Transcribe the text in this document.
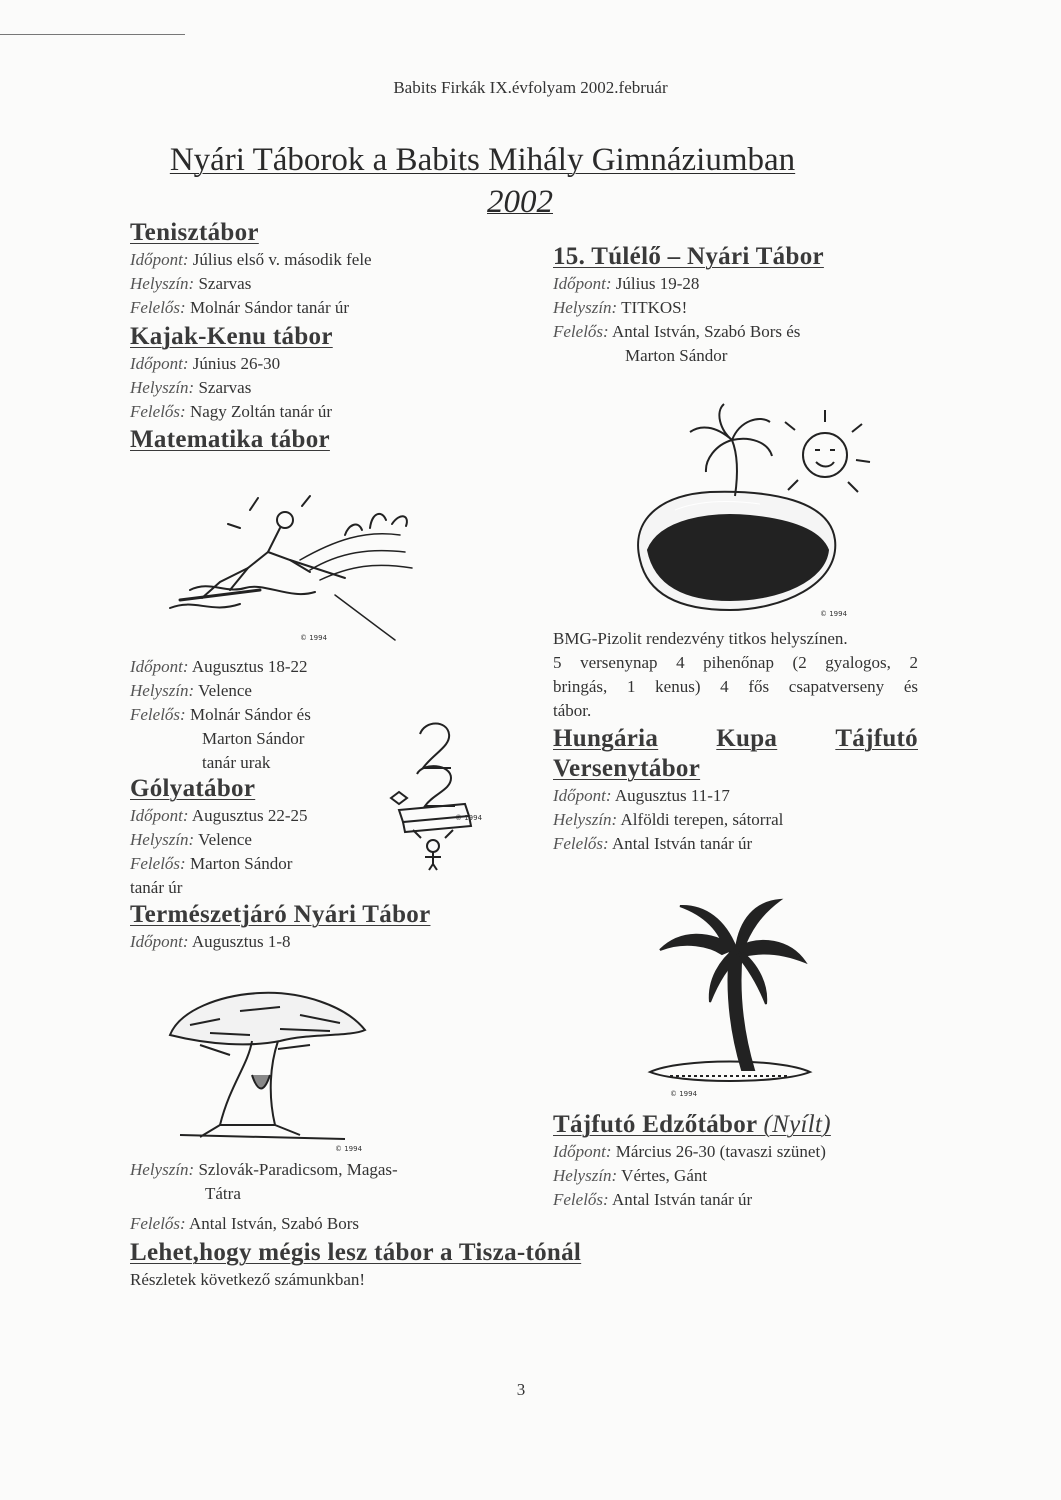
Babits Firkák IX.évfolyam 2002.február
Nyári Táborok a Babits Mihály Gimnáziumban
2002
Tenisztábor
Időpont: Július első v. második fele
Helyszín: Szarvas
Felelős: Molnár Sándor tanár úr
Kajak-Kenu tábor
Időpont: Június 26-30
Helyszín: Szarvas
Felelős: Nagy Zoltán tanár úr
Matematika tábor
© 1994
Időpont: Augusztus 18-22
Helyszín: Velence
Felelős: Molnár Sándor és
Marton Sándor
tanár urak
© 1994
Gólyatábor
Időpont: Augusztus 22-25
Helyszín: Velence
Felelős: Marton Sándor
tanár úr
Természetjáró Nyári Tábor
Időpont: Augusztus 1-8
© 1994
Helyszín: Szlovák-Paradicsom, Magas-
Tátra
Felelős: Antal István, Szabó Bors
Lehet,hogy mégis lesz tábor a Tisza-tónál
Részletek következő számunkban!
15. Túlélő – Nyári Tábor
Időpont: Július 19-28
Helyszín: TITKOS!
Felelős: Antal István, Szabó Bors és
Marton Sándor
© 1994
BMG-Pizolit rendezvény titkos helyszínen.
5 versenynap 4 pihenőnap (2 gyalogos, 2
bringás, 1 kenus) 4 fős csapatverseny és
tábor.
Hungária Kupa Tájfutó
Versenytábor
Időpont: Augusztus 11-17
Helyszín: Alföldi terepen, sátorral
Felelős: Antal István tanár úr
© 1994
Tájfutó Edzőtábor (Nyílt)
Időpont: Március 26-30 (tavaszi szünet)
Helyszín: Vértes, Gánt
Felelős: Antal István tanár úr
3
